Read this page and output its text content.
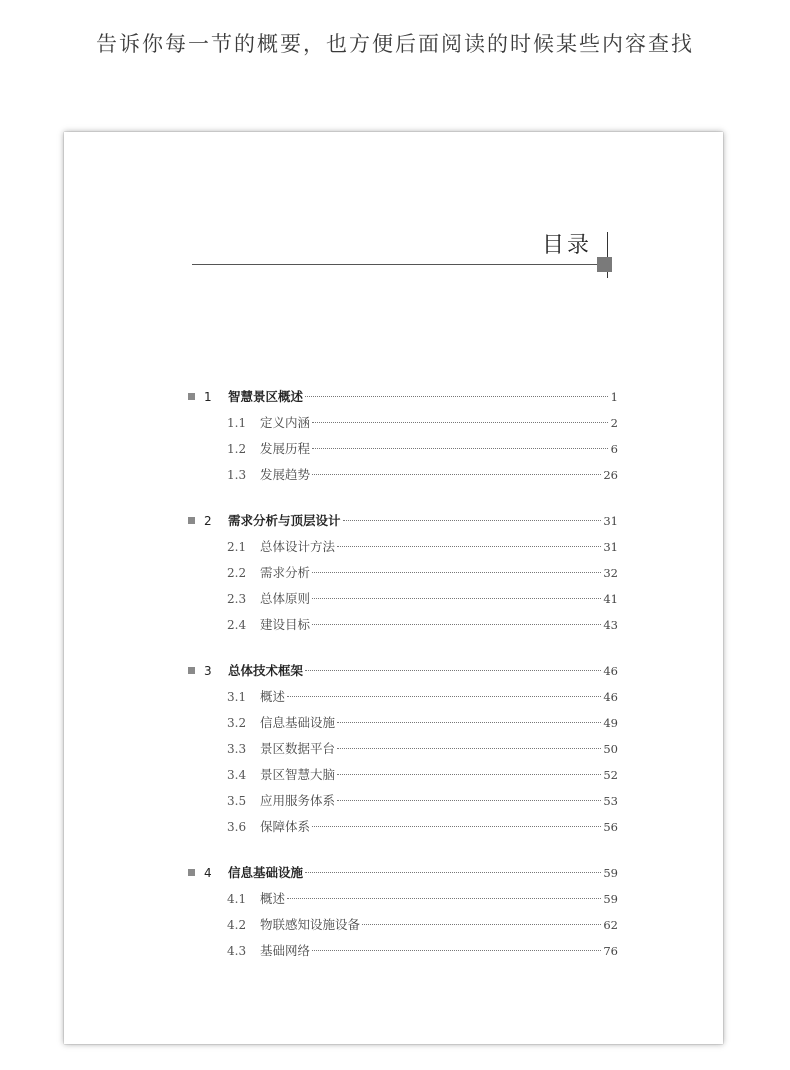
告诉你每一节的概要，也方便后面阅读的时候某些内容查找
目录
1	智慧景区概述	1
1.1	定义内涵	2
1.2	发展历程	6
1.3	发展趋势	26
2	需求分析与顶层设计	31
2.1	总体设计方法	31
2.2	需求分析	32
2.3	总体原则	41
2.4	建设目标	43
3	总体技术框架	46
3.1	概述	46
3.2	信息基础设施	49
3.3	景区数据平台	50
3.4	景区智慧大脑	52
3.5	应用服务体系	53
3.6	保障体系	56
4	信息基础设施	59
4.1	概述	59
4.2	物联感知设施设备	62
4.3	基础网络	76
